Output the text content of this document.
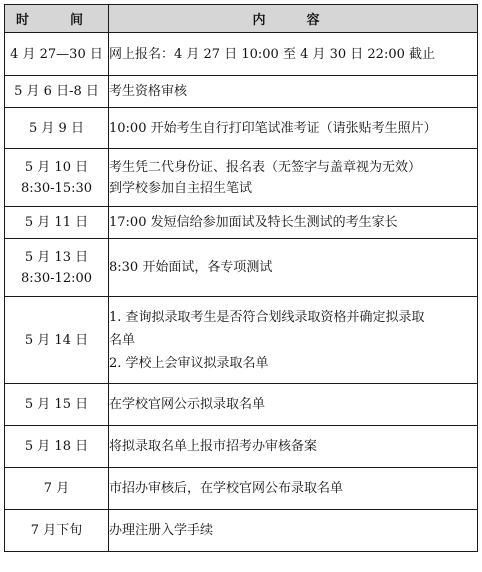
时　间	内　容

4 月 27—30 日	网上报名：4 月 27 日 10:00 至 4 月 30 日 22:00 截止

5 月 6 日-8 日	考生资格审核

5 月 9 日	10:00 开始考生自行打印笔试准考证（请张贴考生照片）

5 月 10 日
8:30-15:30	考生凭二代身份证、报名表（无签字与盖章视为无效）
到学校参加自主招生笔试

5 月 11 日	17:00 发短信给参加面试及特长生测试的考生家长

5 月 13 日
8:30-12:00	8:30 开始面试，各专项测试

5 月 14 日	1. 查询拟录取考生是否符合划线录取资格并确定拟录取
名单
2. 学校上会审议拟录取名单

5 月 15 日	在学校官网公示拟录取名单

5 月 18 日	将拟录取名单上报市招考办审核备案

7 月	市招办审核后，在学校官网公布录取名单

7 月下旬	办理注册入学手续
